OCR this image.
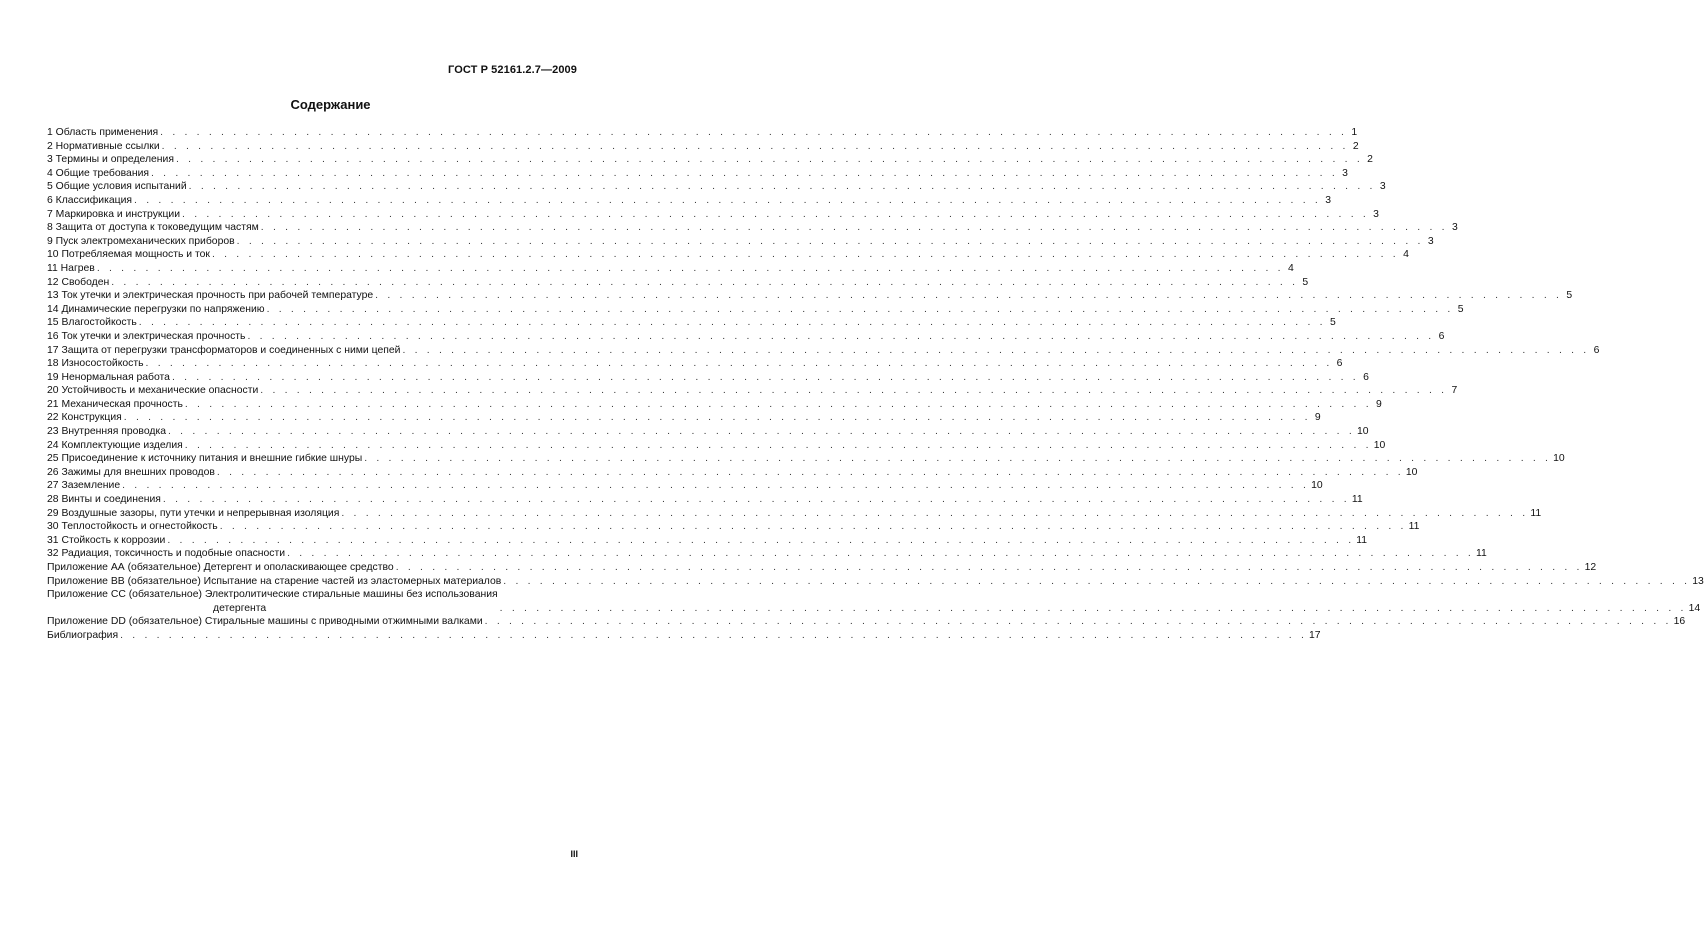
ГОСТ Р 52161.2.7—2009
Содержание
1 Область применения . . . . . . . . . . . . . . . . . . . . . . . . . . . . . . . . . . . . . . . . . . . . . . . . . . . . . . . . . . . . . . . . . . . . . . . . . . . . . . . . . . . . . . . . . . . . . . . . . . 1
2 Нормативные ссылки . . . . . . . . . . . . . . . . . . . . . . . . . . . . . . . . . . . . . . . . . . . . . . . . . . . . . . . . . . . . . . . . . . . . . . . . . . . . . . . . . . . . . . . . . . . . . . . . . . 2
3 Термины и определения . . . . . . . . . . . . . . . . . . . . . . . . . . . . . . . . . . . . . . . . . . . . . . . . . . . . . . . . . . . . . . . . . . . . . . . . . . . . . . . . . . . . . . . . . . . . . . . . . . 2
4 Общие требования . . . . . . . . . . . . . . . . . . . . . . . . . . . . . . . . . . . . . . . . . . . . . . . . . . . . . . . . . . . . . . . . . . . . . . . . . . . . . . . . . . . . . . . . . . . . . . . . . . 3
5 Общие условия испытаний . . . . . . . . . . . . . . . . . . . . . . . . . . . . . . . . . . . . . . . . . . . . . . . . . . . . . . . . . . . . . . . . . . . . . . . . . . . . . . . . . . . . . . . . . . . . . . . . . . 3
6 Классификация . . . . . . . . . . . . . . . . . . . . . . . . . . . . . . . . . . . . . . . . . . . . . . . . . . . . . . . . . . . . . . . . . . . . . . . . . . . . . . . . . . . . . . . . . . . . . . . . . . 3
7 Маркировка и инструкции . . . . . . . . . . . . . . . . . . . . . . . . . . . . . . . . . . . . . . . . . . . . . . . . . . . . . . . . . . . . . . . . . . . . . . . . . . . . . . . . . . . . . . . . . . . . . . . . . . 3
8 Защита от доступа к токоведущим частям . . . . . . . . . . . . . . . . . . . . . . . . . . . . . . . . . . . . . . . . . . . . . . . . . . . . . . . . . . . . . . . . . . . . . . . . . . . . . . . . . . . . . . . . . . . . . . . . . . 3
9 Пуск электромеханических приборов . . . . . . . . . . . . . . . . . . . . . . . . . . . . . . . . . . . . . . . . . . . . . . . . . . . . . . . . . . . . . . . . . . . . . . . . . . . . . . . . . . . . . . . . . . . . . . . . . . 3
10 Потребляемая мощность и ток . . . . . . . . . . . . . . . . . . . . . . . . . . . . . . . . . . . . . . . . . . . . . . . . . . . . . . . . . . . . . . . . . . . . . . . . . . . . . . . . . . . . . . . . . . . . . . . . . . 4
11 Нагрев . . . . . . . . . . . . . . . . . . . . . . . . . . . . . . . . . . . . . . . . . . . . . . . . . . . . . . . . . . . . . . . . . . . . . . . . . . . . . . . . . . . . . . . . . . . . . . . . . . 4
12 Свободен . . . . . . . . . . . . . . . . . . . . . . . . . . . . . . . . . . . . . . . . . . . . . . . . . . . . . . . . . . . . . . . . . . . . . . . . . . . . . . . . . . . . . . . . . . . . . . . . . . 5
13 Ток утечки и электрическая прочность при рабочей температуре . . . . . . . . . . . . . . . . . . . . . . . . . . . . . . . . . . . . . . . . . . . . . . . . . . . . . . . . . . . . . . . . . . . . . . . . . . . . . . . . . . . . . . . . . . . . . . . . . . 5
14 Динамические перегрузки по напряжению . . . . . . . . . . . . . . . . . . . . . . . . . . . . . . . . . . . . . . . . . . . . . . . . . . . . . . . . . . . . . . . . . . . . . . . . . . . . . . . . . . . . . . . . . . . . . . . . . . 5
15 Влагостойкость . . . . . . . . . . . . . . . . . . . . . . . . . . . . . . . . . . . . . . . . . . . . . . . . . . . . . . . . . . . . . . . . . . . . . . . . . . . . . . . . . . . . . . . . . . . . . . . . . . 5
16 Ток утечки и электрическая прочность . . . . . . . . . . . . . . . . . . . . . . . . . . . . . . . . . . . . . . . . . . . . . . . . . . . . . . . . . . . . . . . . . . . . . . . . . . . . . . . . . . . . . . . . . . . . . . . . . . 6
17 Защита от перегрузки трансформаторов и соединенных с ними цепей . . . . . . . . . . . . . . . . . . . . . . . . . . . . . . . . . . . . . . . . . . . . . . . . . . . . . . . . . . . . . . . . . . . . . . . . . . . . . . . . . . . . . . . . . . . . . . . . . . 6
18 Износостойкость . . . . . . . . . . . . . . . . . . . . . . . . . . . . . . . . . . . . . . . . . . . . . . . . . . . . . . . . . . . . . . . . . . . . . . . . . . . . . . . . . . . . . . . . . . . . . . . . . . 6
19 Ненормальная работа . . . . . . . . . . . . . . . . . . . . . . . . . . . . . . . . . . . . . . . . . . . . . . . . . . . . . . . . . . . . . . . . . . . . . . . . . . . . . . . . . . . . . . . . . . . . . . . . . . 6
20 Устойчивость и механические опасности . . . . . . . . . . . . . . . . . . . . . . . . . . . . . . . . . . . . . . . . . . . . . . . . . . . . . . . . . . . . . . . . . . . . . . . . . . . . . . . . . . . . . . . . . . . . . . . . . . 7
21 Механическая прочность . . . . . . . . . . . . . . . . . . . . . . . . . . . . . . . . . . . . . . . . . . . . . . . . . . . . . . . . . . . . . . . . . . . . . . . . . . . . . . . . . . . . . . . . . . . . . . . . . . 9
22 Конструкция . . . . . . . . . . . . . . . . . . . . . . . . . . . . . . . . . . . . . . . . . . . . . . . . . . . . . . . . . . . . . . . . . . . . . . . . . . . . . . . . . . . . . . . . . . . . . . . . . . 9
23 Внутренняя проводка . . . . . . . . . . . . . . . . . . . . . . . . . . . . . . . . . . . . . . . . . . . . . . . . . . . . . . . . . . . . . . . . . . . . . . . . . . . . . . . . . . . . . . . . . . . . . . . . . . 10
24 Комплектующие изделия . . . . . . . . . . . . . . . . . . . . . . . . . . . . . . . . . . . . . . . . . . . . . . . . . . . . . . . . . . . . . . . . . . . . . . . . . . . . . . . . . . . . . . . . . . . . . . . . . . 10
25 Присоединение к источнику питания и внешние гибкие шнуры . . . . . . . . . . . . . . . . . . . . . . . . . . . . . . . . . . . . . . . . . . . . . . . . . . . . . . . . . . . . . . . . . . . . . . . . . . . . . . . . . . . . . . . . . . . . . . . . . . 10
26 Зажимы для внешних проводов . . . . . . . . . . . . . . . . . . . . . . . . . . . . . . . . . . . . . . . . . . . . . . . . . . . . . . . . . . . . . . . . . . . . . . . . . . . . . . . . . . . . . . . . . . . . . . . . . . 10
27 Заземление . . . . . . . . . . . . . . . . . . . . . . . . . . . . . . . . . . . . . . . . . . . . . . . . . . . . . . . . . . . . . . . . . . . . . . . . . . . . . . . . . . . . . . . . . . . . . . . . . . 10
28 Винты и соединения . . . . . . . . . . . . . . . . . . . . . . . . . . . . . . . . . . . . . . . . . . . . . . . . . . . . . . . . . . . . . . . . . . . . . . . . . . . . . . . . . . . . . . . . . . . . . . . . . . 11
29 Воздушные зазоры, пути утечки и непрерывная изоляция . . . . . . . . . . . . . . . . . . . . . . . . . . . . . . . . . . . . . . . . . . . . . . . . . . . . . . . . . . . . . . . . . . . . . . . . . . . . . . . . . . . . . . . . . . . . . . . . . . 11
30 Теплостойкость и огнестойкость . . . . . . . . . . . . . . . . . . . . . . . . . . . . . . . . . . . . . . . . . . . . . . . . . . . . . . . . . . . . . . . . . . . . . . . . . . . . . . . . . . . . . . . . . . . . . . . . . . 11
31 Стойкость к коррозии . . . . . . . . . . . . . . . . . . . . . . . . . . . . . . . . . . . . . . . . . . . . . . . . . . . . . . . . . . . . . . . . . . . . . . . . . . . . . . . . . . . . . . . . . . . . . . . . . . 11
32 Радиация, токсичность и подобные опасности . . . . . . . . . . . . . . . . . . . . . . . . . . . . . . . . . . . . . . . . . . . . . . . . . . . . . . . . . . . . . . . . . . . . . . . . . . . . . . . . . . . . . . . . . . . . . . . . . . 11
Приложение АА (обязательное) Детергент и ополаскивающее средство . . . . . . . . . . . . . . . . . . . . . . . . . . . . . . . . . . . . . . . . . . . . . . . . . . . . . . . . . . . . . . . . . . . . . . . . . . . . . . . . . . . . . . . . . . . . . . . . . . 12
Приложение ВВ (обязательное) Испытание на старение частей из эластомерных материалов . . . . . . . . . . . . . . . . . . . . . . . . . . . . . . . . . . . . . . . . . . . . . . . . . . . . . . . . . . . . . . . . . . . . . . . . . . . . . . . . . . . . . . . . . . . . . . . . . . 13
Приложение СС (обязательное) Электролитические стиральные машины без использования
детергента	. . . . . . . . . . . . . . . . . . . . . . . . . . . . . . . . . . . . . . . . . . . . . . . . . . . . . . . . . . . . . . . . . . . . . . . . . . . . . . . . . . . . . . . . . . . . . . . . . . 14
Приложение DD (обязательное) Стиральные машины с приводными отжимными валками . . . . . . . . . . . . . . . . . . . . . . . . . . . . . . . . . . . . . . . . . . . . . . . . . . . . . . . . . . . . . . . . . . . . . . . . . . . . . . . . . . . . . . . . . . . . . . . . . . 16
Библиография . . . . . . . . . . . . . . . . . . . . . . . . . . . . . . . . . . . . . . . . . . . . . . . . . . . . . . . . . . . . . . . . . . . . . . . . . . . . . . . . . . . . . . . . . . . . . . . . . . 17
III
